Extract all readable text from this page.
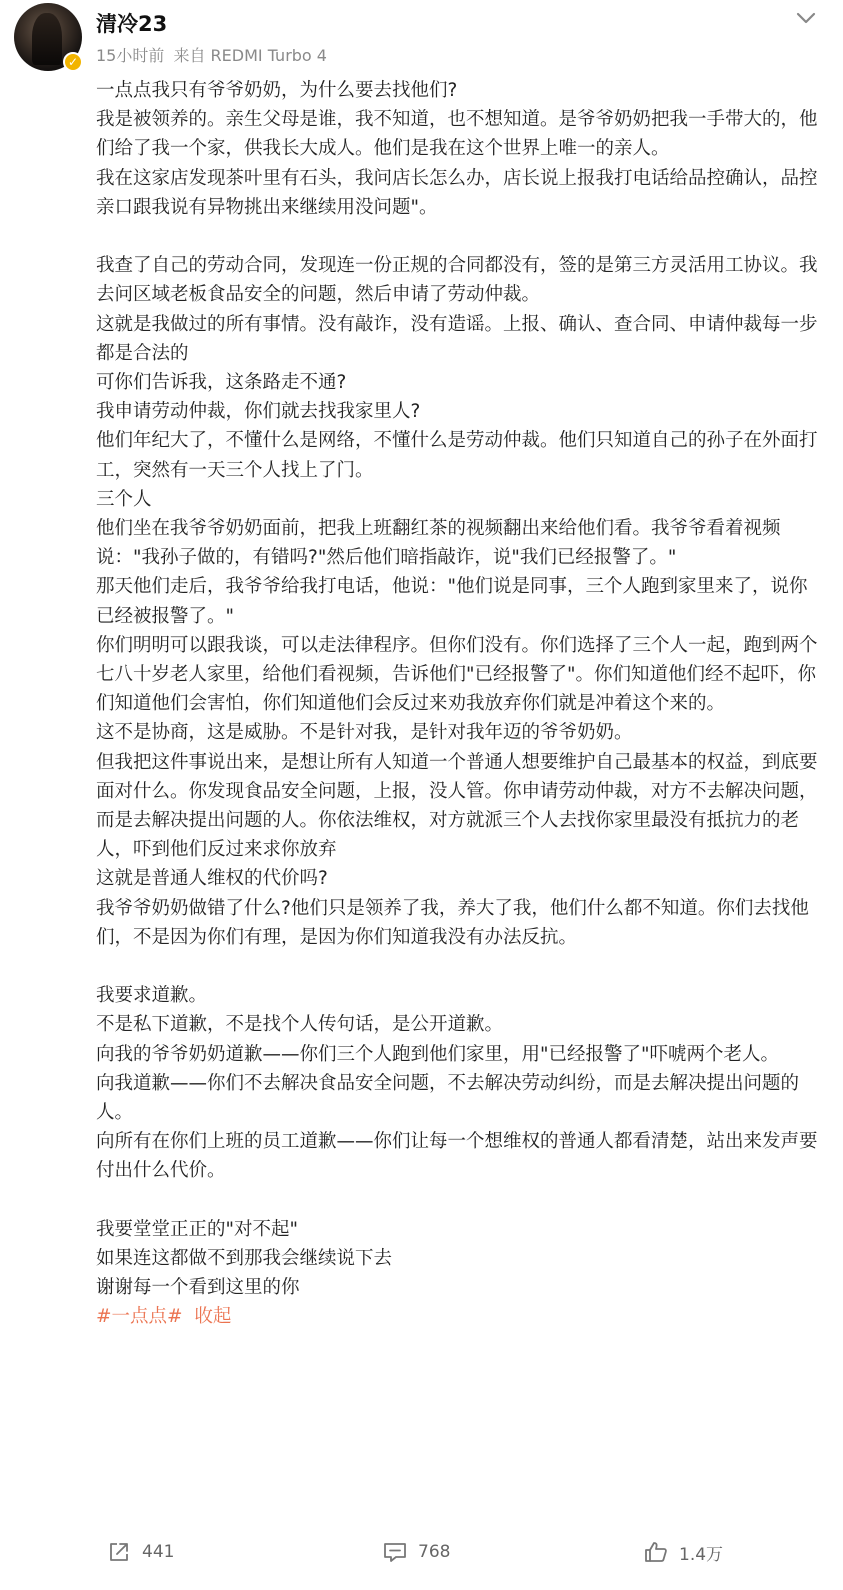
✓
清冷23
15小时前 来自 REDMI Turbo 4

一点点我只有爷爷奶奶，为什么要去找他们?

我是被领养的。亲生父母是谁，我不知道，也不想知道。是爷爷奶奶把我一手带大的，他们给了我一个家，供我长大成人。他们是我在这个世界上唯一的亲人。

我在这家店发现茶叶里有石头，我问店长怎么办，店长说上报我打电话给品控确认，品控亲口跟我说有异物挑出来继续用没问题"。

我查了自己的劳动合同，发现连一份正规的合同都没有，签的是第三方灵活用工协议。我去问区域老板食品安全的问题，然后申请了劳动仲裁。

这就是我做过的所有事情。没有敲诈，没有造谣。上报、确认、查合同、申请仲裁每一步都是合法的

可你们告诉我，这条路走不通?

我申请劳动仲裁，你们就去找我家里人?

他们年纪大了，不懂什么是网络，不懂什么是劳动仲裁。他们只知道自己的孙子在外面打工，突然有一天三个人找上了门。

三个人

他们坐在我爷爷奶奶面前，把我上班翻红茶的视频翻出来给他们看。我爷爷看着视频说："我孙子做的，有错吗?"然后他们暗指敲诈，说"我们已经报警了。"

那天他们走后，我爷爷给我打电话，他说："他们说是同事，三个人跑到家里来了，说你已经被报警了。"

你们明明可以跟我谈，可以走法律程序。但你们没有。你们选择了三个人一起，跑到两个七八十岁老人家里，给他们看视频，告诉他们"已经报警了"。你们知道他们经不起吓，你们知道他们会害怕，你们知道他们会反过来劝我放弃你们就是冲着这个来的。

这不是协商，这是威胁。不是针对我，是针对我年迈的爷爷奶奶。

但我把这件事说出来，是想让所有人知道一个普通人想要维护自己最基本的权益，到底要面对什么。你发现食品安全问题，上报，没人管。你申请劳动仲裁，对方不去解决问题，而是去解决提出问题的人。你依法维权，对方就派三个人去找你家里最没有抵抗力的老人，吓到他们反过来求你放弃

这就是普通人维权的代价吗?

我爷爷奶奶做错了什么?他们只是领养了我，养大了我，他们什么都不知道。你们去找他们，不是因为你们有理，是因为你们知道我没有办法反抗。

我要求道歉。

不是私下道歉，不是找个人传句话，是公开道歉。

向我的爷爷奶奶道歉——你们三个人跑到他们家里，用"已经报警了"吓唬两个老人。

向我道歉——你们不去解决食品安全问题，不去解决劳动纠纷，而是去解决提出问题的人。

向所有在你们上班的员工道歉——你们让每一个想维权的普通人都看清楚，站出来发声要付出什么代价。

我要堂堂正正的"对不起"

如果连这都做不到那我会继续说下去

谢谢每一个看到这里的你

#一点点# 收起

441	768	1.4万
